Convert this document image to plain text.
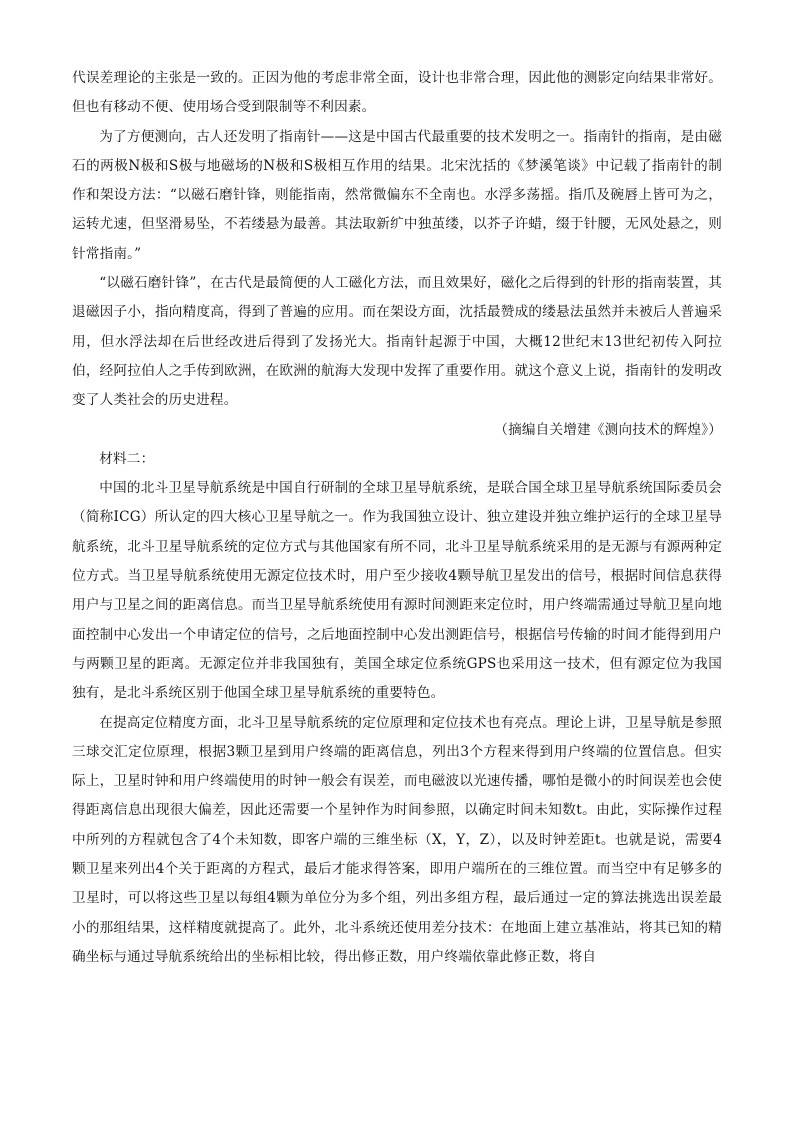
代误差理论的主张是一致的。正因为他的考虑非常全面，设计也非常合理，因此他的测影定向结果非常好。但也有移动不便、使用场合受到限制等不利因素。

为了方便测向，古人还发明了指南针——这是中国古代最重要的技术发明之一。指南针的指南，是由磁石的两极N极和S极与地磁场的N极和S极相互作用的结果。北宋沈括的《梦溪笔谈》中记载了指南针的制作和架设方法：“以磁石磨针锋，则能指南，然常微偏东不全南也。水浮多荡摇。指爪及碗唇上皆可为之，运转尤速，但坚滑易坠，不若缕悬为最善。其法取新纩中独茧缕，以芥子许蜡，缀于针腰，无风处悬之，则针常指南。”

“以磁石磨针锋”，在古代是最简便的人工磁化方法，而且效果好，磁化之后得到的针形的指南装置，其退磁因子小，指向精度高，得到了普遍的应用。而在架设方面，沈括最赞成的缕悬法虽然并未被后人普遍采用，但水浮法却在后世经改进后得到了发扬光大。指南针起源于中国，大概12世纪末13世纪初传入阿拉伯，经阿拉伯人之手传到欧洲，在欧洲的航海大发现中发挥了重要作用。就这个意义上说，指南针的发明改变了人类社会的历史进程。

（摘编自关增建《测向技术的辉煌》）

材料二：

中国的北斗卫星导航系统是中国自行研制的全球卫星导航系统，是联合国全球卫星导航系统国际委员会（简称ICG）所认定的四大核心卫星导航之一。作为我国独立设计、独立建设并独立维护运行的全球卫星导航系统，北斗卫星导航系统的定位方式与其他国家有所不同，北斗卫星导航系统采用的是无源与有源两种定位方式。当卫星导航系统使用无源定位技术时，用户至少接收4颗导航卫星发出的信号，根据时间信息获得用户与卫星之间的距离信息。而当卫星导航系统使用有源时间测距来定位时，用户终端需通过导航卫星向地面控制中心发出一个申请定位的信号，之后地面控制中心发出测距信号，根据信号传输的时间才能得到用户与两颗卫星的距离。无源定位并非我国独有，美国全球定位系统GPS也采用这一技术，但有源定位为我国独有，是北斗系统区别于他国全球卫星导航系统的重要特色。

在提高定位精度方面，北斗卫星导航系统的定位原理和定位技术也有亮点。理论上讲，卫星导航是参照三球交汇定位原理，根据3颗卫星到用户终端的距离信息，列出3个方程来得到用户终端的位置信息。但实际上，卫星时钟和用户终端使用的时钟一般会有误差，而电磁波以光速传播，哪怕是微小的时间误差也会使得距离信息出现很大偏差，因此还需要一个星钟作为时间参照，以确定时间未知数t。由此，实际操作过程中所列的方程就包含了4个未知数，即客户端的三维坐标（X，Y，Z），以及时钟差距t。也就是说，需要4颗卫星来列出4个关于距离的方程式，最后才能求得答案，即用户端所在的三维位置。而当空中有足够多的卫星时，可以将这些卫星以每组4颗为单位分为多个组，列出多组方程，最后通过一定的算法挑选出误差最小的那组结果，这样精度就提高了。此外，北斗系统还使用差分技术：在地面上建立基准站，将其已知的精确坐标与通过导航系统给出的坐标相比较，得出修正数，用户终端依靠此修正数，将自
